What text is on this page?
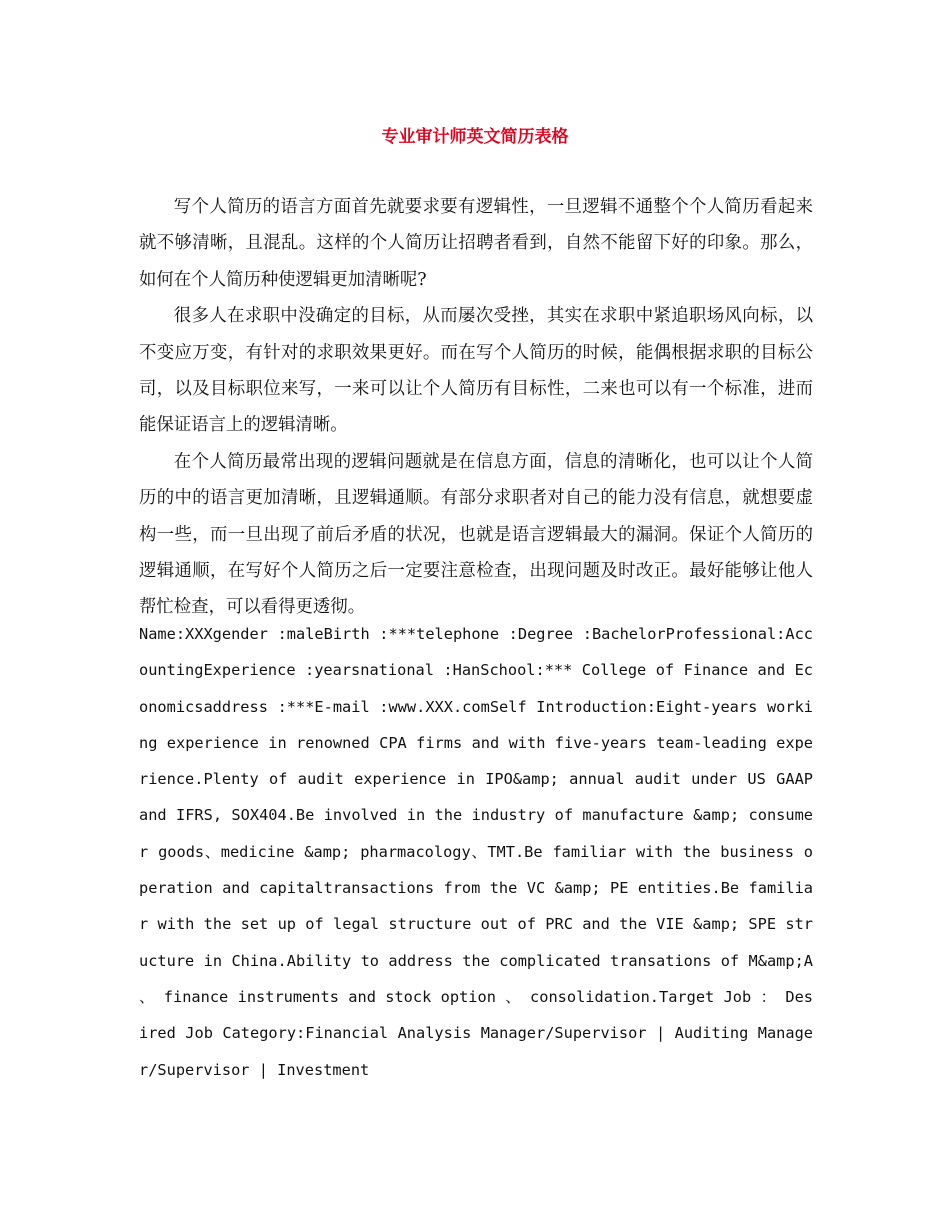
专业审计师英文简历表格

写个人简历的语言方面首先就要求要有逻辑性，一旦逻辑不通整个个人简历看起来就不够清晰，且混乱。这样的个人简历让招聘者看到，自然不能留下好的印象。那么，如何在个人简历种使逻辑更加清晰呢?

很多人在求职中没确定的目标，从而屡次受挫，其实在求职中紧追职场风向标，以不变应万变，有针对的求职效果更好。而在写个人简历的时候，能偶根据求职的目标公司，以及目标职位来写，一来可以让个人简历有目标性，二来也可以有一个标准，进而能保证语言上的逻辑清晰。

在个人简历最常出现的逻辑问题就是在信息方面，信息的清晰化，也可以让个人简历的中的语言更加清晰，且逻辑通顺。有部分求职者对自己的能力没有信息，就想要虚构一些，而一旦出现了前后矛盾的状况，也就是语言逻辑最大的漏洞。保证个人简历的逻辑通顺，在写好个人简历之后一定要注意检查，出现问题及时改正。最好能够让他人帮忙检查，可以看得更透彻。

Name:XXXgender :maleBirth :***telephone :Degree :BachelorProfessional:AccountingExperience :yearsnational :HanSchool:*** College of Finance and Economicsaddress :***E-mail :www.XXX.comSelf Introduction:Eight-years working experience in renowned CPA firms and with five-years team-leading experience.Plenty of audit experience in IPO&amp; annual audit under US GAAP and IFRS, SOX404.Be involved in the industry of manufacture &amp; consumer goods、medicine &amp; pharmacology、TMT.Be familiar with the business operation and capitaltransactions from the VC &amp; PE entities.Be familiar with the set up of legal structure out of PRC and the VIE &amp; SPE structure in China.Ability to address the complicated transations of M&amp;A 、 finance instruments and stock option 、 consolidation.Target Job ： Desired Job Category:Financial Analysis Manager/Supervisor | Auditing Manager/Supervisor | Investment
